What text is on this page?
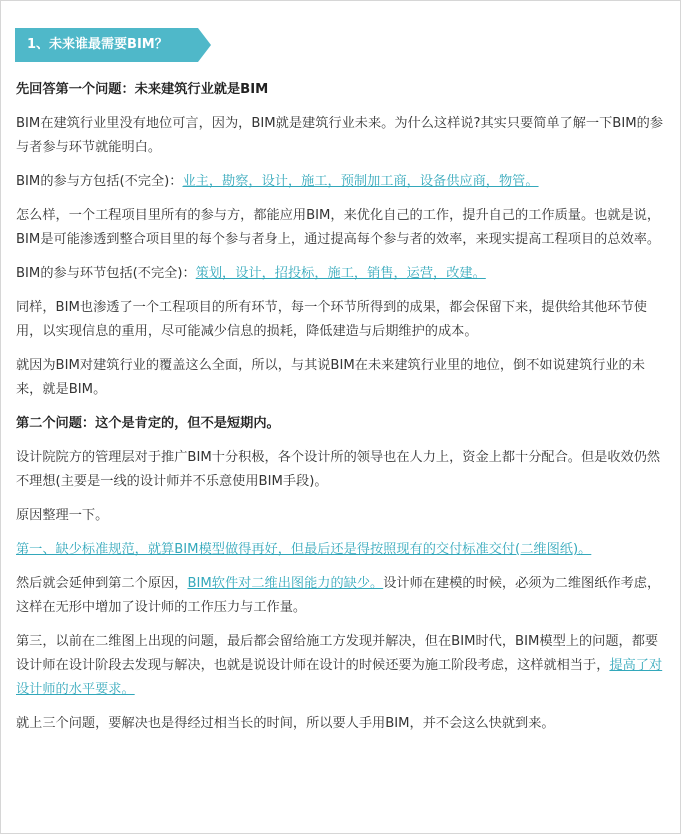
1、未来谁最需要BIM？

先回答第一个问题：未来建筑行业就是BIM

BIM在建筑行业里没有地位可言，因为，BIM就是建筑行业未来。为什么这样说?其实只要简单了解一下BIM的参与者参与环节就能明白。

BIM的参与方包括(不完全)：业主，勘察，设计，施工，预制加工商，设备供应商，物管。

怎么样，一个工程项目里所有的参与方，都能应用BIM，来优化自己的工作，提升自己的工作质量。也就是说，BIM是可能渗透到整合项目里的每个参与者身上，通过提高每个参与者的效率，来现实提高工程项目的总效率。

BIM的参与环节包括(不完全)：策划，设计，招投标，施工，销售，运营，改建。

同样，BIM也渗透了一个工程项目的所有环节，每一个环节所得到的成果，都会保留下来，提供给其他环节使用，以实现信息的重用，尽可能减少信息的损耗，降低建造与后期维护的成本。

就因为BIM对建筑行业的覆盖这么全面，所以，与其说BIM在未来建筑行业里的地位，倒不如说建筑行业的未来，就是BIM。

第二个问题：这个是肯定的，但不是短期内。

设计院院方的管理层对于推广BIM十分积极，各个设计所的领导也在人力上，资金上都十分配合。但是收效仍然不理想(主要是一线的设计师并不乐意使用BIM手段)。

原因整理一下。

第一、缺少标准规范，就算BIM模型做得再好，但最后还是得按照现有的交付标准交付(二维图纸)。

然后就会延伸到第二个原因，BIM软件对二维出图能力的缺少。设计师在建模的时候，必须为二维图纸作考虑，这样在无形中增加了设计师的工作压力与工作量。

第三，以前在二维图上出现的问题，最后都会留给施工方发现并解决，但在BIM时代，BIM模型上的问题，都要设计师在设计阶段去发现与解决，也就是说设计师在设计的时候还要为施工阶段考虑，这样就相当于，提高了对设计师的水平要求。

就上三个问题，要解决也是得经过相当长的时间，所以要人手用BIM，并不会这么快就到来。
